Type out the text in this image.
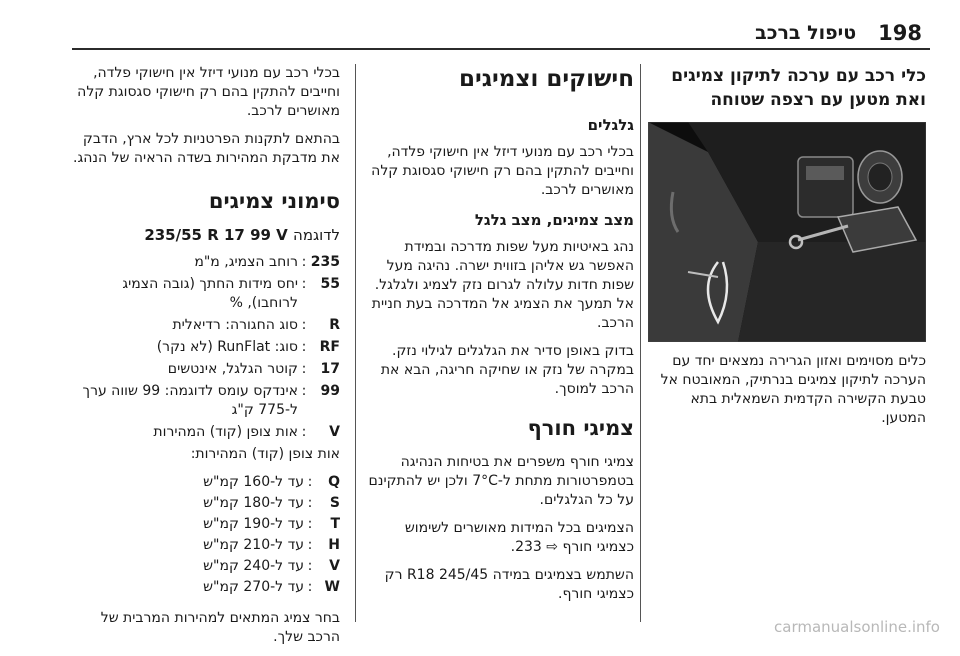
198
טיפול ברכב
כלי רכב עם ערכה לתיקון צמיגים ואת מטען עם רצפה שטוחה

כלים מסוימים ואזון הגרירה נמצאים יחד עם הערכה לתיקון צמיגים בנרתיק, המאובטח אל טבעת הקשירה הקדמית השמאלית בתא המטען.

חישוקים וצמיגים
גלגלים

בכלי רכב עם מנועי דיזל אין חישוקי פלדה, וחייבים להתקין בהם רק חישוקי סגסוגת קלה מאושרים לרכב.

מצב צמיגים, מצב גלגל

נהג באיטיות מעל שפות מדרכה ובמידת האפשר גש אליהן בזווית ישרה. נהיגה מעל שפות חדות עלולה לגרום נזק לצמיג ולגלגל. אל תמעך את הצמיג אל המדרכה בעת חניית הרכב.

בדוק באופן סדיר את הגלגלים לגילוי נזק. במקרה של נזק או שחיקה חריגה, הבא את הרכב למוסך.

צמיגי חורף

צמיגי חורף משפרים את בטיחות הנהיגה בטמפרטורות מתחת ל-7°C ולכן יש להתקינם על כל הגלגלים.

הצמיגים בכל המידות מאושרים לשימוש כצמיגי חורף ⇨ 233.

השתמש בצמיגים במידה 245/45 R18 רק כצמיגי חורף.

בכלי רכב עם מנועי דיזל אין חישוקי פלדה, וחייבים להתקין בהם רק חישוקי סגסוגת קלה מאושרים לרכב.

בהתאם לתקנות הפרטניות לכל ארץ, הדבק את מדבקת המהירות בשדה הראיה של הנהג.

סימוני צמיגים
לדוגמה 235/55 R 17 99 V
235
:
רוחב הצמיג, מ"מ
55
:
יחס מידות החתך (גובה הצמיג לרוחבו), %
R
:
סוג החגורה: רדיאלית
RF
:
סוג: RunFlat (לא נקר)
17
:
קוטר הגלגל, אינטשים
99
:
אינדקס עומס לדוגמה: 99 שווה ערך ל-775 ק"ג
V
:
אות צופן (קוד) המהירות

אות צופן (קוד) המהירות:

Q
:
עד ל-160 קמ"ש
S
:
עד ל-180 קמ"ש
T
:
עד ל-190 קמ"ש
H
:
עד ל-210 קמ"ש
V
:
עד ל-240 קמ"ש
W
:
עד ל-270 קמ"ש

בחר צמיג המתאים למהירות המרבית של הרכב שלך.

carmanualsonline.info
